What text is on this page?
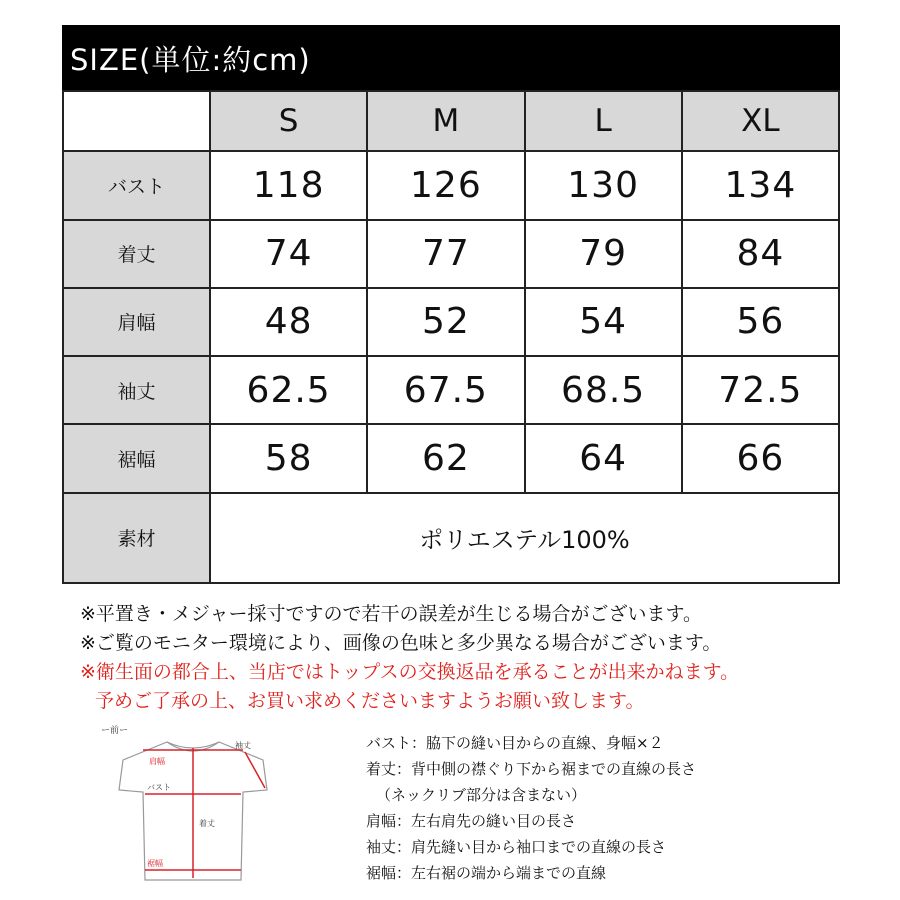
SIZE(単位:約cm)
	S	M	L	XL
バスト	118	126	130	134
着丈	74	77	79	84
肩幅	48	52	54	56
袖丈	62.5	67.5	68.5	72.5
裾幅	58	62	64	66
素材	ポリエステル100%			
※平置き・メジャー採寸ですので若干の誤差が生じる場合がございます。
※ご覧のモニター環境により、画像の色味と多少異なる場合がございます。
※衛生面の都合上、当店ではトップスの交換返品を承ることが出来かねます。
予めご了承の上、お買い求めくださいますようお願い致します。
ー前ー
肩幅
袖丈
バスト
着丈
裾幅
バスト：脇下の縫い目からの直線、身幅×２
着丈：背中側の襟ぐり下から裾までの直線の長さ
（ネックリブ部分は含まない）
肩幅：左右肩先の縫い目の長さ
袖丈：肩先縫い目から袖口までの直線の長さ
裾幅：左右裾の端から端までの直線
